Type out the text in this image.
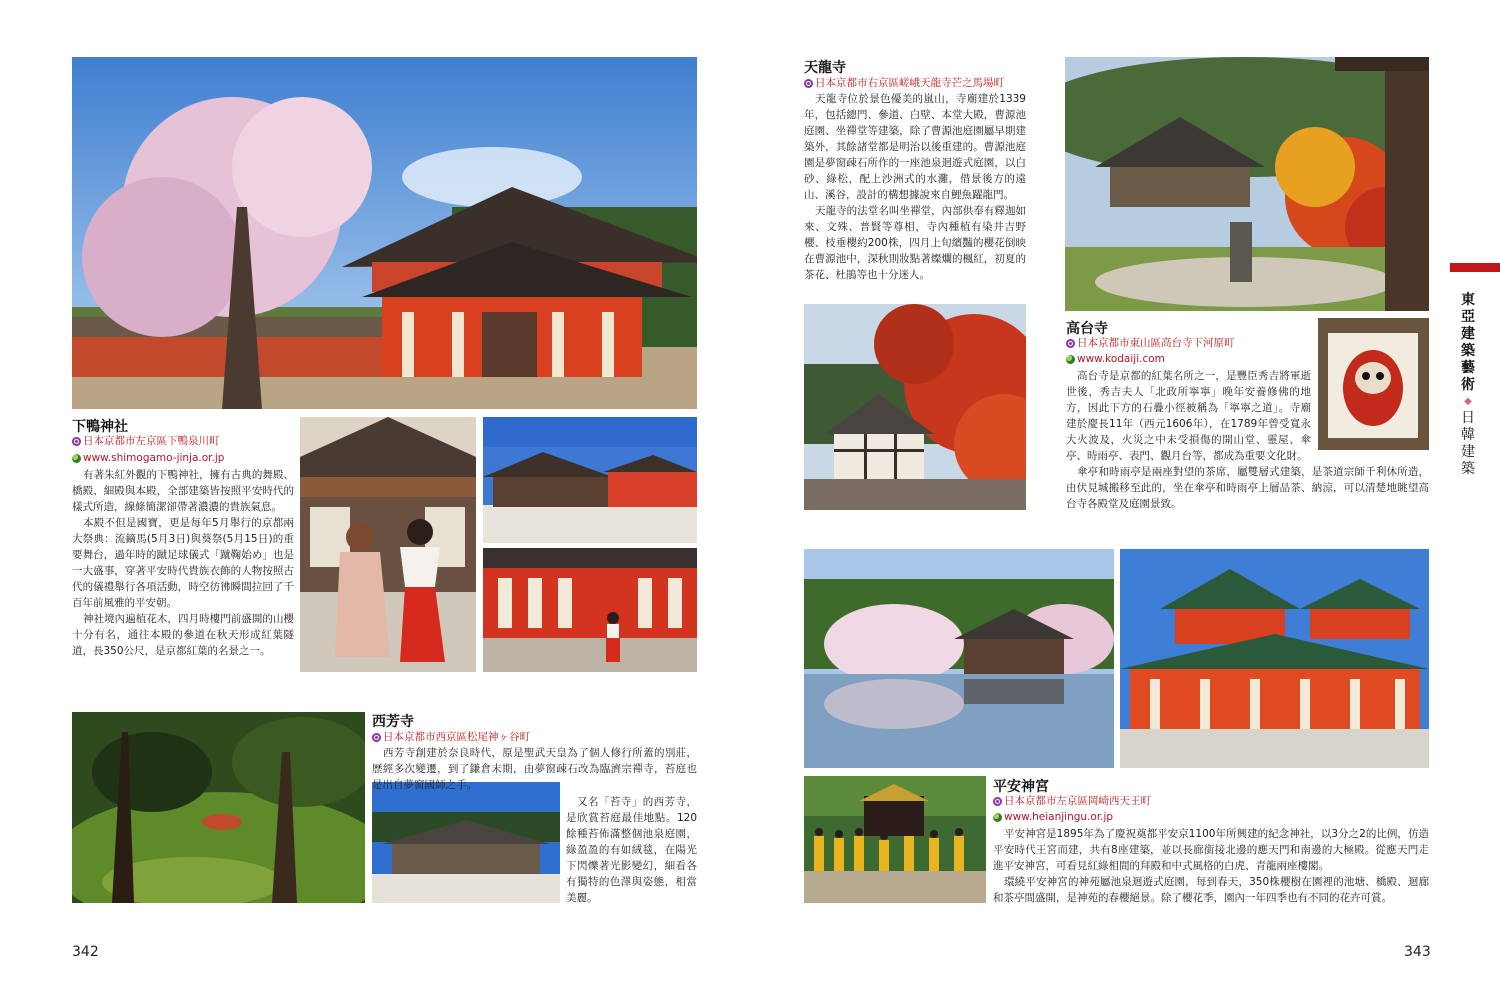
下鴨神社
日本京都市左京區下鴨泉川町
www.shimogamo-jinja.or.jp

有著朱紅外觀的下鴨神社，擁有古典的舞殿、橋殿、細殿與本殿，全部建築皆按照平安時代的樣式所造，線條簡潔卻帶著濃濃的貴族氣息。

本殿不但是國寶，更是每年5月舉行的京都兩大祭典：流鏑馬(5月3日)與葵祭(5月15日)的重要舞台，過年時的蹴足球儀式「蹴鞠始め」也是一大盛事，穿著平安時代貴族衣飾的人物按照古代的儀禮舉行各項活動，時空彷彿瞬間拉回了千百年前風雅的平安朝。

神社境內遍植花木，四月時樓門前盛開的山櫻十分有名，通往本殿的參道在秋天形成紅葉隧道，長350公尺，是京都紅葉的名景之一。

西芳寺
日本京都市西京區松尾神ヶ谷町

西芳寺創建於奈良時代，原是聖武天皇為了個人修行所蓋的別莊，歷經多次變遷，到了鎌倉末期，由夢窗疎石改為臨濟宗禪寺，苔庭也是出自夢窗國師之手。

又名「苔寺」的西芳寺，是欣賞苔庭最佳地點。120餘種苔佈滿整個池泉庭園，綠盈盈的有如絨毯，在陽光下閃爍著光影變幻，細看各有獨特的色澤與姿態，相當美麗。

342
天龍寺
日本京都市右京區嵯峨天龍寺芒之馬場町

天龍寺位於景色優美的嵐山，寺廟建於1339年，包括總門、參道、白壁、本堂大殿，曹源池庭園、坐禪堂等建築，除了曹源池庭園屬早期建築外，其餘諸堂都是明治以後重建的。曹源池庭園是夢窗疎石所作的一座池泉迴遊式庭園，以白砂、綠松，配上沙洲式的水灘，借景後方的遠山、溪谷，設計的構想據說來自鯉魚躍龍門。

天龍寺的法堂名叫坐禪堂，內部供奉有釋迦如來、文殊、普賢等尊相，寺內種植有染井吉野櫻、枝垂櫻約200株，四月上旬繽豔的櫻花倒映在曹源池中，深秋則妝點著燦爛的楓紅，初夏的茶花、杜鵑等也十分迷人。

高台寺
日本京都市東山區高台寺下河原町
www.kodaiji.com

高台寺是京都的紅葉名所之一，是豐臣秀吉將軍逝世後，秀吉夫人「北政所寧寧」晚年安養修佛的地方，因此下方的石疊小徑被稱為「寧寧之道」。寺廟建於慶長11年（西元1606年），在1789年曾受寬永大火波及，火災之中未受損傷的開山堂、靈屋、傘亭、時雨亭、表門、觀月台等，都成為重要文化財。

傘亭和時雨亭是兩座對望的茶席，屬雙層式建築，是茶道宗師千利休所造，由伏見城搬移至此的，坐在傘亭和時雨亭上層品茶、納涼，可以清楚地眺望高台寺各殿堂及庭園景致。

平安神宮
日本京都市左京區岡崎西天王町
www.heianjingu.or.jp

平安神宮是1895年為了慶祝奠都平安京1100年所興建的紀念神社，以3分之2的比例，仿造平安時代王宮而建，共有8座建築，並以長廊銜接北邊的應天門和南邊的大極殿。從應天門走進平安神宮，可看見紅綠相間的拜殿和中式風格的白虎、青龍兩座樓閣。

環繞平安神宮的神苑屬池泉迴遊式庭園，每到春天，350株櫻樹在園裡的池塘、橋殿、迴廊和茶亭間盛開，是神苑的春櫻絕景。除了櫻花季，園內一年四季也有不同的花卉可賞。

東亞建築藝術
◆
日韓建築
343
